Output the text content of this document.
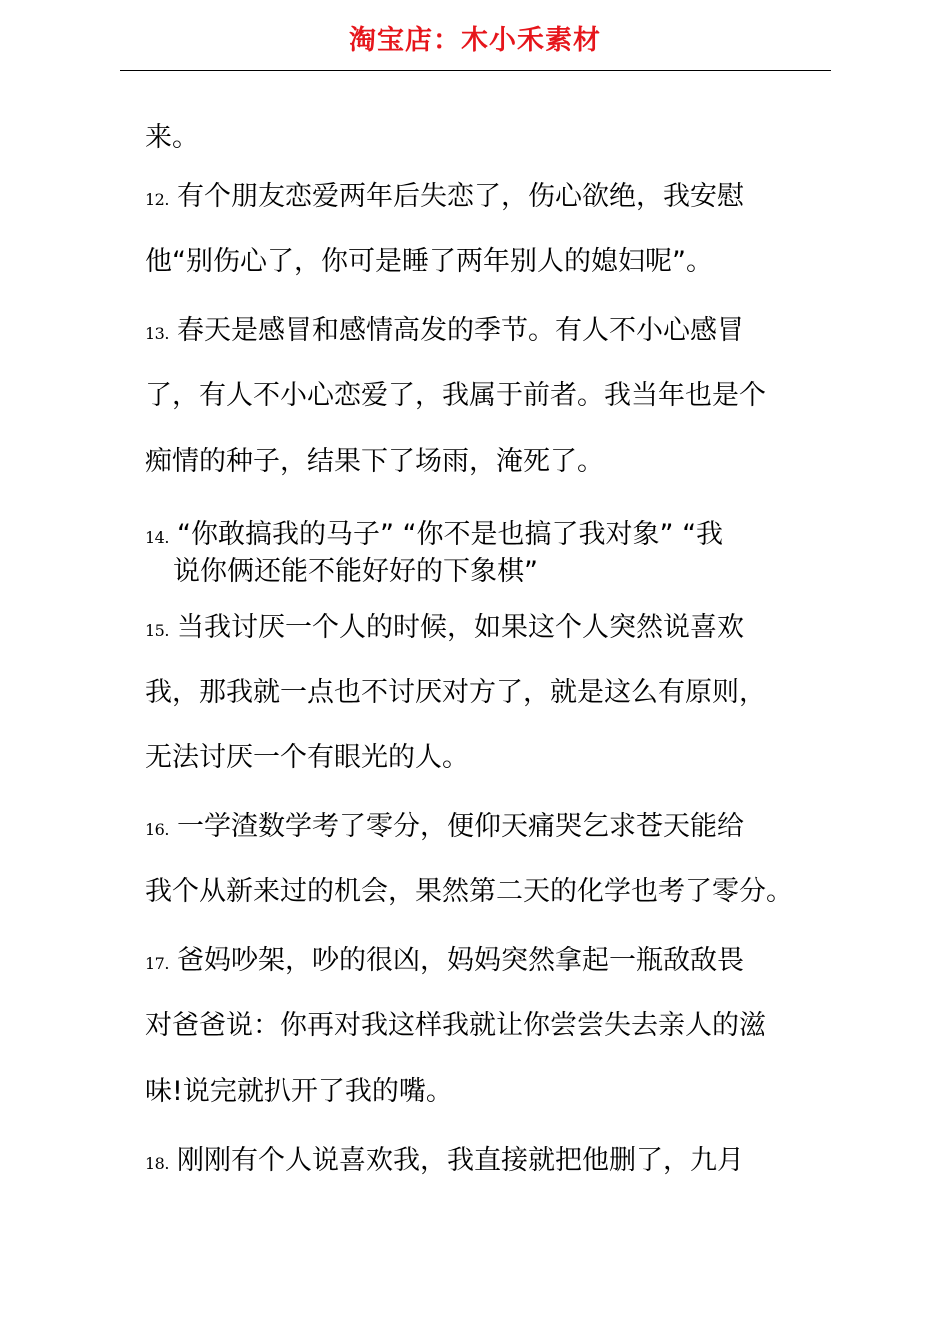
淘宝店：木小禾素材
来。
12. 有个朋友恋爱两年后失恋了，伤心欲绝，我安慰
他“别伤心了，你可是睡了两年别人的媳妇呢”。
13. 春天是感冒和感情高发的季节。有人不小心感冒
了，有人不小心恋爱了，我属于前者。我当年也是个
痴情的种子，结果下了场雨，淹死了。
14. “你敢搞我的马子” “你不是也搞了我对象” “我
说你俩还能不能好好的下象棋”
15. 当我讨厌一个人的时候，如果这个人突然说喜欢
我，那我就一点也不讨厌对方了，就是这么有原则，
无法讨厌一个有眼光的人。
16. 一学渣数学考了零分，便仰天痛哭乞求苍天能给
我个从新来过的机会，果然第二天的化学也考了零分。
17. 爸妈吵架，吵的很凶，妈妈突然拿起一瓶敌敌畏
对爸爸说：你再对我这样我就让你尝尝失去亲人的滋
味!说完就扒开了我的嘴。
18. 刚刚有个人说喜欢我，我直接就把他删了，九月
